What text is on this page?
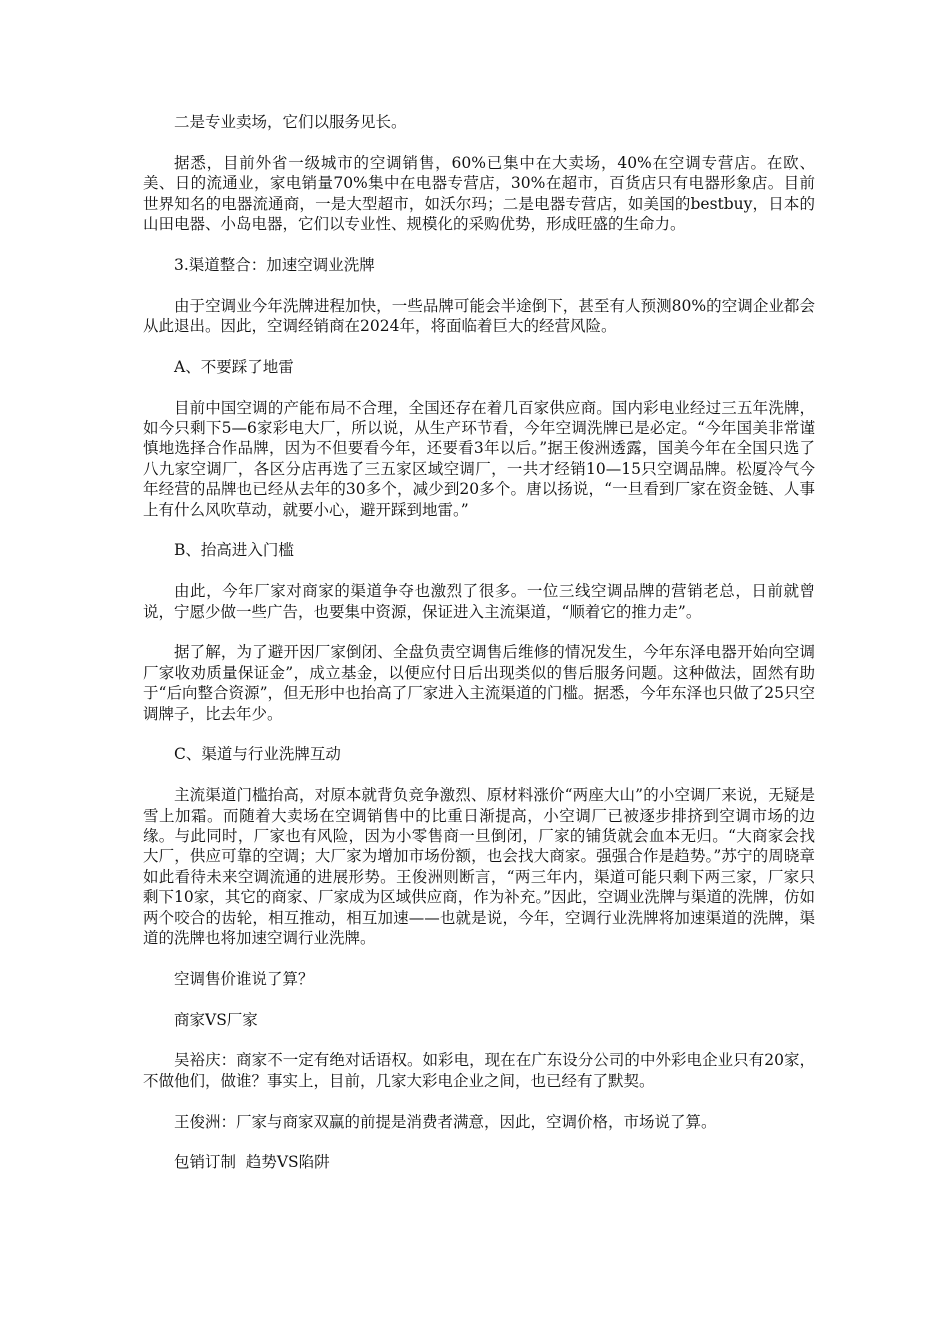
二是专业卖场，它们以服务见长。

据悉，目前外省一级城市的空调销售，60%已集中在大卖场，40%在空调专营店。在欧、美、日的流通业，家电销量70%集中在电器专营店，30%在超市，百货店只有电器形象店。目前世界知名的电器流通商，一是大型超市，如沃尔玛；二是电器专营店，如美国的bestbuy，日本的山田电器、小岛电器，它们以专业性、规模化的采购优势，形成旺盛的生命力。

3.渠道整合：加速空调业洗牌

由于空调业今年洗牌进程加快，一些品牌可能会半途倒下，甚至有人预测80%的空调企业都会从此退出。因此，空调经销商在2024年，将面临着巨大的经营风险。

A、不要踩了地雷

目前中国空调的产能布局不合理，全国还存在着几百家供应商。国内彩电业经过三五年洗牌，如今只剩下5—6家彩电大厂，所以说，从生产环节看，今年空调洗牌已是必定。“今年国美非常谨慎地选择合作品牌，因为不但要看今年，还要看3年以后。”据王俊洲透露，国美今年在全国只选了八九家空调厂，各区分店再选了三五家区域空调厂，一共才经销10—15只空调品牌。松厦冷气今年经营的品牌也已经从去年的30多个，减少到20多个。唐以扬说，“一旦看到厂家在资金链、人事上有什么风吹草动，就要小心，避开踩到地雷。”

B、抬高进入门槛

由此，今年厂家对商家的渠道争夺也激烈了很多。一位三线空调品牌的营销老总，日前就曾说，宁愿少做一些广告，也要集中资源，保证进入主流渠道，“顺着它的推力走”。

据了解，为了避开因厂家倒闭、全盘负责空调售后维修的情况发生，今年东泽电器开始向空调厂家收劝质量保证金”，成立基金，以便应付日后出现类似的售后服务问题。这种做法，固然有助于“后向整合资源”，但无形中也抬高了厂家进入主流渠道的门槛。据悉，今年东泽也只做了25只空调牌子，比去年少。

C、渠道与行业洗牌互动

主流渠道门槛抬高，对原本就背负竞争激烈、原材料涨价“两座大山”的小空调厂来说，无疑是雪上加霜。而随着大卖场在空调销售中的比重日渐提高，小空调厂已被逐步排挤到空调市场的边缘。与此同时，厂家也有风险，因为小零售商一旦倒闭，厂家的铺货就会血本无归。“大商家会找大厂，供应可靠的空调；大厂家为增加市场份额，也会找大商家。强强合作是趋势。”苏宁的周晓章如此看待未来空调流通的进展形势。王俊洲则断言，“两三年内，渠道可能只剩下两三家，厂家只剩下10家，其它的商家、厂家成为区域供应商，作为补充。”因此，空调业洗牌与渠道的洗牌，仿如两个咬合的齿轮，相互推动，相互加速——也就是说，今年，空调行业洗牌将加速渠道的洗牌，渠道的洗牌也将加速空调行业洗牌。

空调售价谁说了算？

商家VS厂家

吴裕庆：商家不一定有绝对话语权。如彩电，现在在广东设分公司的中外彩电企业只有20家，不做他们，做谁？事实上，目前，几家大彩电企业之间，也已经有了默契。

王俊洲：厂家与商家双赢的前提是消费者满意，因此，空调价格，市场说了算。

包销订制  趋势VS陷阱
